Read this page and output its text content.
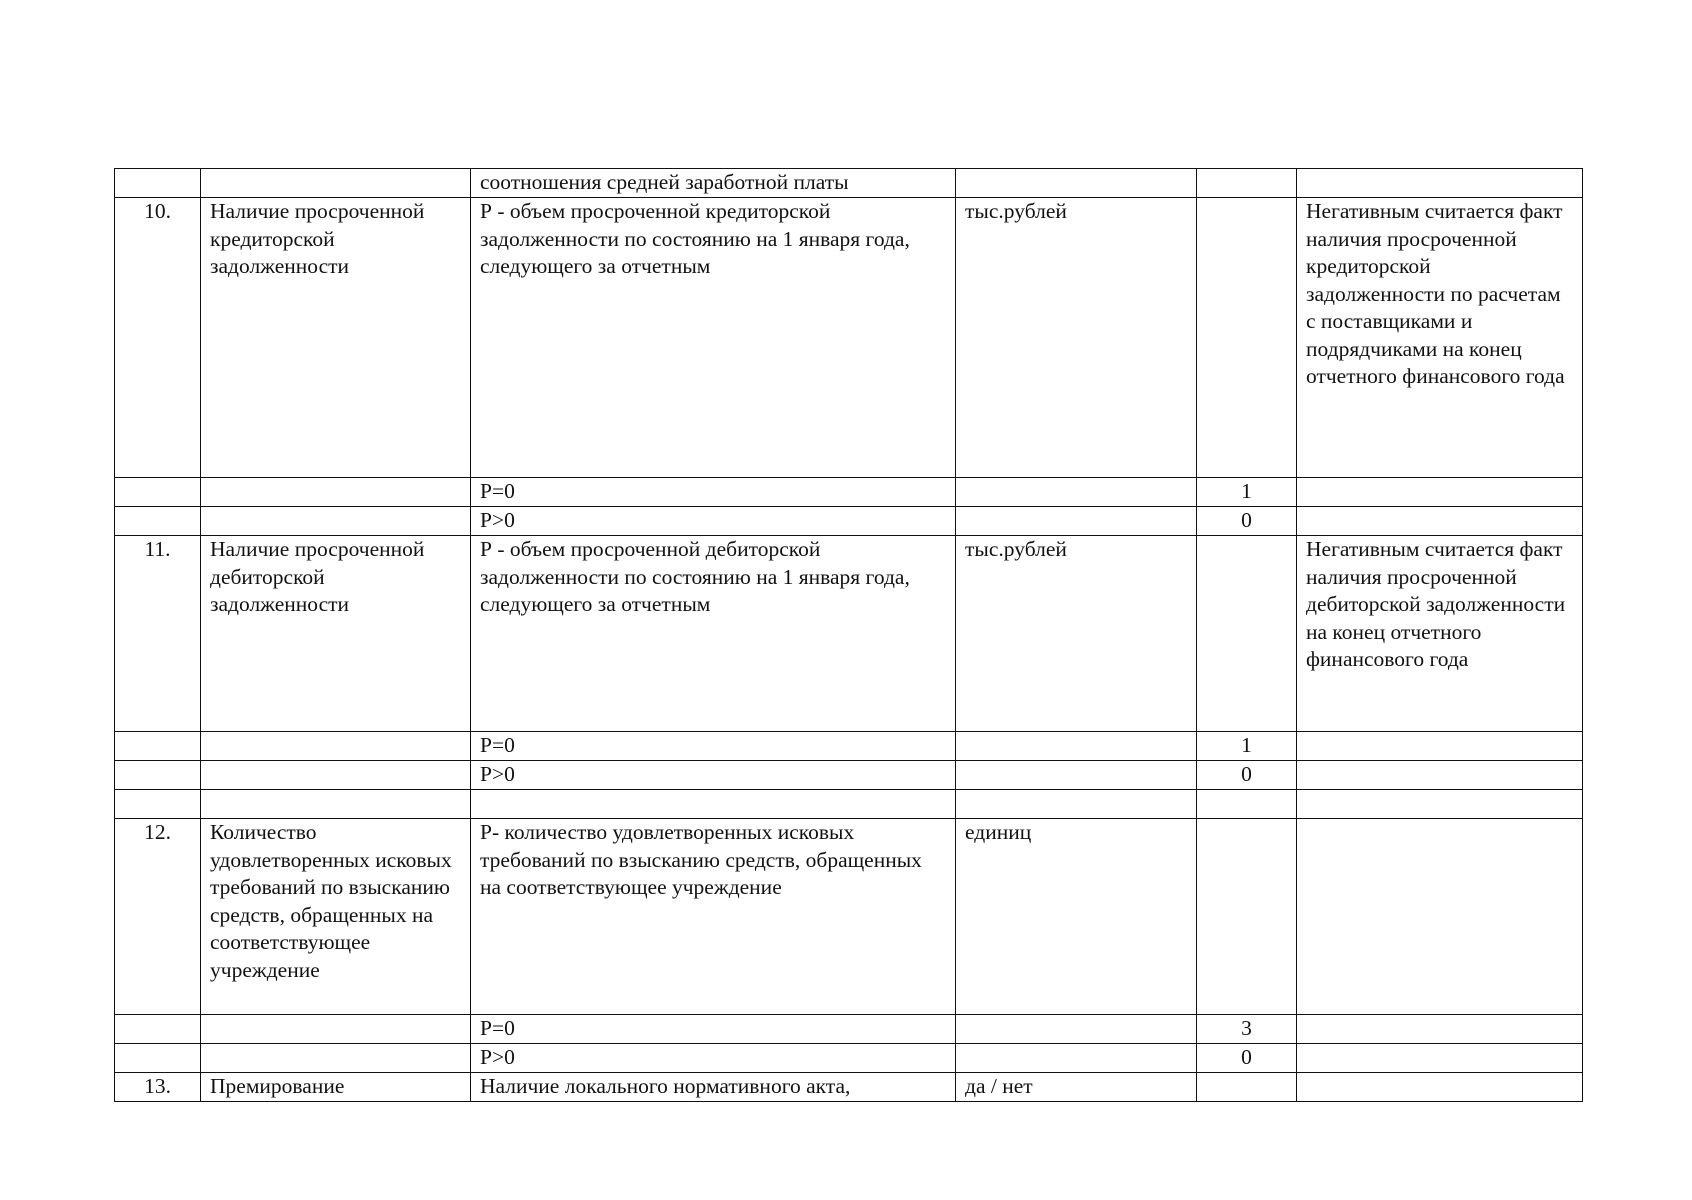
		соотношения средней заработной платы			
10.	Наличие просроченной кредиторской задолженности	Р - объем просроченной кредиторской задолженности по состоянию на 1 января года, следующего за отчетным	тыс.рублей		Негативным считается факт наличия просроченной кредиторской задолженности по расчетам с поставщиками и подрядчиками на конец отчетного финансового года
		P=0		1	
		P>0		0	
11.	Наличие просроченной дебиторской задолженности	Р - объем просроченной дебиторской задолженности по состоянию на 1 января года, следующего за отчетным	тыс.рублей		Негативным считается факт наличия просроченной дебиторской задолженности на конец отчетного финансового года
		P=0		1	
		P>0		0	

12.	Количество удовлетворенных исковых требований по взысканию средств, обращенных на соответствующее учреждение	Р- количество удовлетворенных исковых требований по взысканию средств, обращенных на соответствующее учреждение	единиц		
		P=0		3	
		P>0		0	
13.	Премирование	Наличие локального нормативного акта,	да / нет		
